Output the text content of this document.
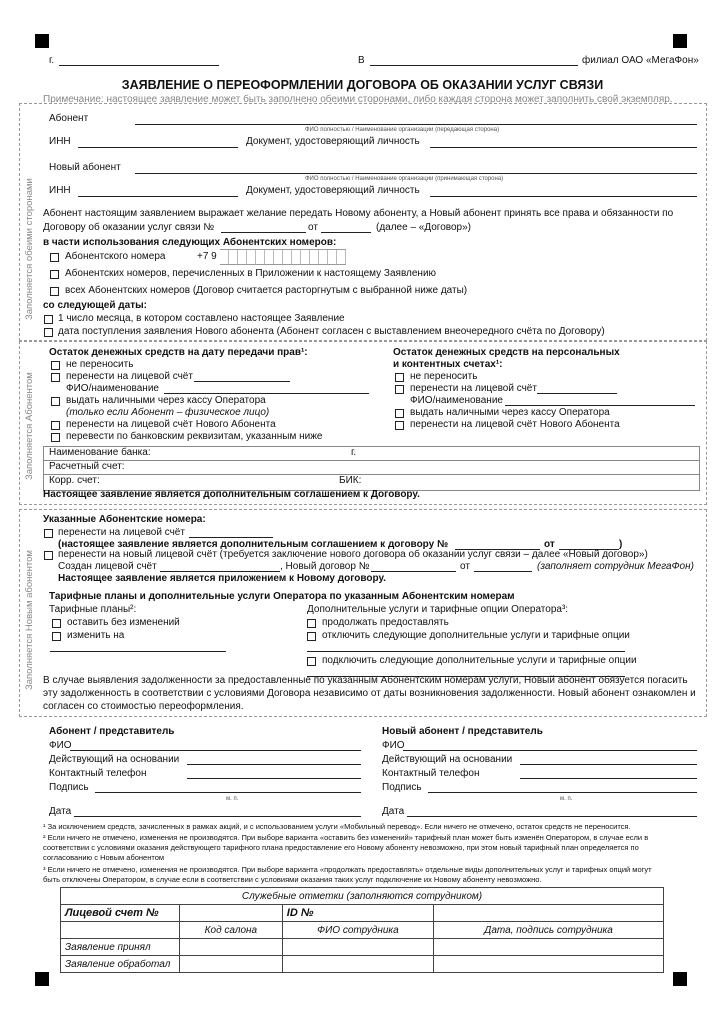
г.	В	филиал ОАО «МегаФон»
ЗАЯВЛЕНИЕ О ПЕРЕОФОРМЛЕНИИ ДОГОВОРА ОБ ОКАЗАНИИ УСЛУГ СВЯЗИ
Примечание: настоящее заявление может быть заполнено обеими сторонами, либо каждая сторона может заполнить свой экземпляр.
Заполняется обеими сторонами
Абонент
ФИО полностью / Наименование организации (передающая сторона)
ИНН	Документ, удостоверяющий личность
Новый абонент
ФИО полностью / Наименование организации (принимающая сторона)
ИНН	Документ, удостоверяющий личность
Абонент настоящим заявлением выражает желание передать Новому абоненту, а Новый абонент принять все права и обязанности по
Договору об оказании услуг связи №	от	(далее – «Договор»)
в части использования следующих Абонентских номеров:
Абонентского номера	+7 9
Абонентских номеров, перечисленных в Приложении к настоящему Заявлению
всех Абонентских номеров (Договор считается расторгнутым с выбранной ниже даты)
со следующей даты:
1 число месяца, в котором составлено настоящее Заявление
дата поступления заявления Нового абонента (Абонент согласен с выставлением внеочередного счёта по Договору)
Заполняется Абонентом
Остаток денежных средств на дату передачи прав¹:
не переносить
перенести на лицевой счёт
ФИО/наименование
выдать наличными через кассу Оператора
(только если Абонент – физическое лицо)
перенести на лицевой счёт Нового Абонента
перевести по банковским реквизитам, указанным ниже
Остаток денежных средств на персональных
и контентных счетах¹:
не переносить
перенести на лицевой счёт
ФИО/наименование
выдать наличными через кассу Оператора
перенести на лицевой счёт Нового Абонента
Наименование банка:	г.
Расчетный счет:
Корр. счет:	БИК:
Настоящее заявление является дополнительным соглашением к Договору.
Заполняется Новым абонентом
Указанные Абонентские номера:
перенести на лицевой счёт
(настоящее заявление является дополнительным соглашением к договору №	от	)
перенести на новый лицевой счёт (требуется заключение нового договора об оказании услуг связи – далее «Новый договор»)
Создан лицевой счёт	, Новый договор №	от	(заполняет сотрудник МегаФон)
Настоящее заявление является приложением к Новому договору.
Тарифные планы и дополнительные услуги Оператора по указанным Абонентским номерам
Тарифные планы²:
оставить без изменений
изменить на
Дополнительные услуги и тарифные опции Оператора³:
продолжать предоставлять
отключить следующие дополнительные услуги и тарифные опции
подключить следующие дополнительные услуги и тарифные опции
В случае выявления задолженности за предоставленные по указанным Абонентским номерам услуги, Новый абонент обязуется погасить
эту задолженность в соответствии с условиями Договора независимо от даты возникновения задолженности. Новый абонент ознакомлен и
согласен со стоимостью переоформления.
Абонент / представитель
ФИО
Действующий на основании
Контактный телефон
Подпись
м. п.
Дата
Новый абонент / представитель
ФИО
Действующий на основании
Контактный телефон
Подпись
м. п.
Дата
¹ За исключением средств, зачисленных в рамках акций, и с использованием услуги «Мобильный перевод». Если ничего не отмечено, остаток средств не переносится.
² Если ничего не отмечено, изменения не производятся. При выборе варианта «оставить без изменений» тарифный план может быть изменён Оператором, в случае если в
соответствии с условиями оказания действующего тарифного плана предоставление его Новому абоненту невозможно, при этом новый тарифный план определяется по
согласованию с Новым абонентом
³ Если ничего не отмечено, изменения не производятся. При выборе варианта «продолжать предоставлять» отдельные виды дополнительных услуг и тарифных опций могут
быть отключены Оператором, в случае если в соответствии с условиями оказания таких услуг подключение их Новому абоненту невозможно.
Служебные отметки (заполняются сотрудником)			
Лицевой счет №		ID №	
	Код салона	ФИО сотрудника	Дата, подпись сотрудника
Заявление принял			
Заявление обработал			
